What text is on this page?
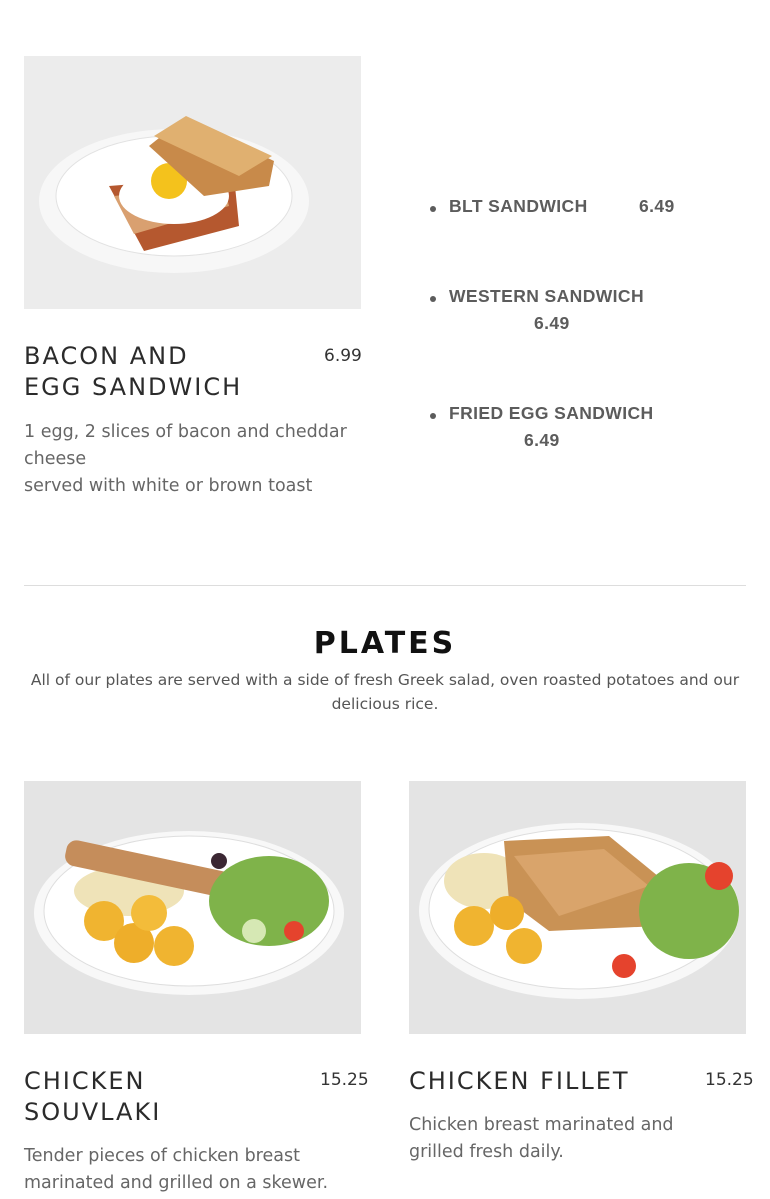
BACON AND
EGG SANDWICH
6.99
1 egg, 2 slices of bacon and cheddar
cheese
served with white or brown toast
BLT SANDWICH	6.49
WESTERN SANDWICH
6.49
FRIED EGG SANDWICH
6.49
PLATES
All of our plates are served with a side of fresh Greek salad, oven roasted potatoes and our
delicious rice.
CHICKEN
SOUVLAKI
15.25
Tender pieces of chicken breast
marinated and grilled on a skewer.
CHICKEN FILLET	15.25
Chicken breast marinated and
grilled fresh daily.
